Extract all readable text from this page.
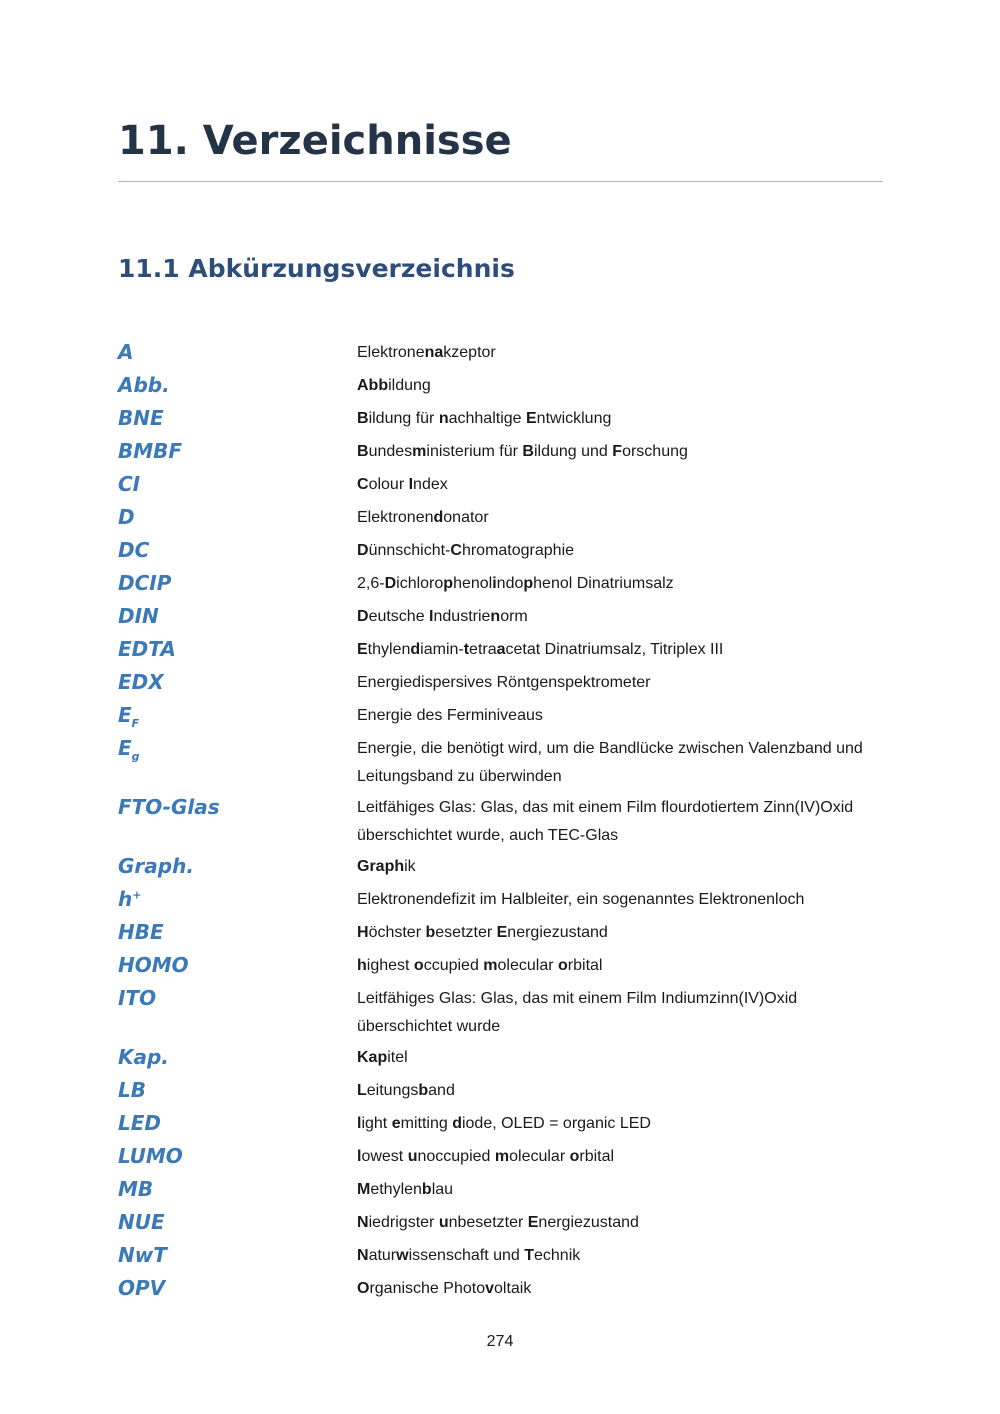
11. Verzeichnisse
11.1 Abkürzungsverzeichnis
A	Elektronenakzeptor
Abb.	Abbildung
BNE	Bildung für nachhaltige Entwicklung
BMBF	Bundesministerium für Bildung und Forschung
CI	Colour Index
D	Elektronendonator
DC	Dünnschicht-Chromatographie
DCIP	2,6-Dichlorophenolindophenol Dinatriumsalz
DIN	Deutsche Industrienorm
EDTA	Ethylendiamin-tetraacetat Dinatriumsalz, Titriplex III
EDX	Energiedispersives Röntgenspektrometer
$E_F$	Energie des Ferminiveaus
$E_g$	Energie, die benötigt wird, um die Bandlücke zwischen Valenzband und Leitungsband zu überwinden
FTO-Glas	Leitfähiges Glas: Glas, das mit einem Film flourdotiertem Zinn(IV)Oxid überschichtet wurde, auch TEC-Glas
Graph.	Graphik
h+	Elektronendefizit im Halbleiter, ein sogenanntes Elektronenloch
HBE	Höchster besetzter Energiezustand
HOMO	highest occupied molecular orbital
ITO	Leitfähiges Glas: Glas, das mit einem Film Indiumzinn(IV)Oxid überschichtet wurde
Kap.	Kapitel
LB	Leitungsband
LED	light emitting diode, OLED = organic LED
LUMO	lowest unoccupied molecular orbital
MB	Methylenblau
NUE	Niedrigster unbesetzter Energiezustand
NwT	Naturwissenschaft und Technik
OPV	Organische Photovoltaik
274
